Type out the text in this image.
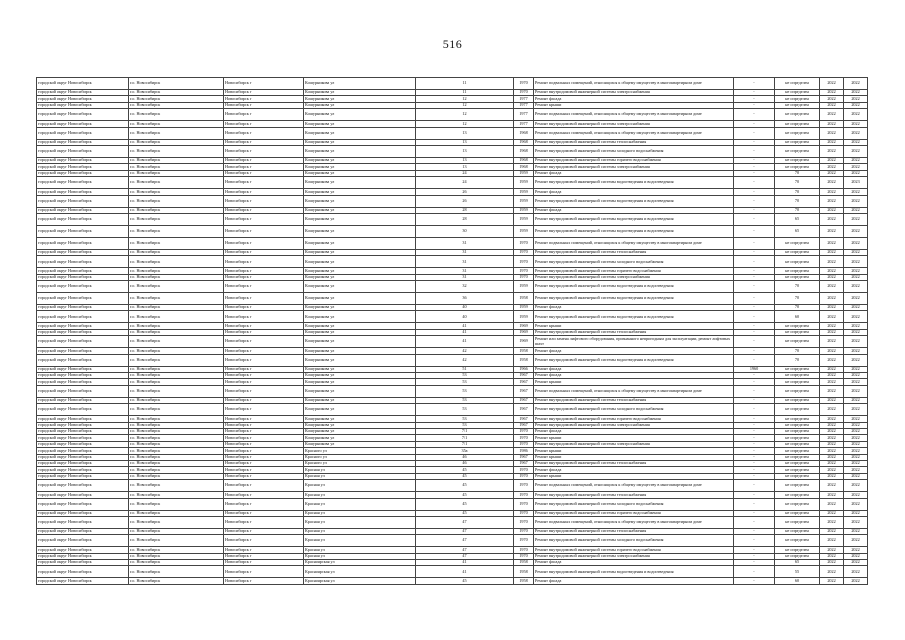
516
городской округ Новосибирск	г.о. Новосибирск	Новосибирск г	Кошурникова ул	11	1970	Ремонт подвальных помещений, относящихся к общему имуществу в многоквартирном доме	-	не определен	2022	2022
городской округ Новосибирск	г.о. Новосибирск	Новосибирск г	Кошурникова ул	11	1970	Ремонт внутридомовой инженерной системы электроснабжения	-	не определен	2022	2022
городской округ Новосибирск	г.о. Новосибирск	Новосибирск г	Кошурникова ул	12	1977	Ремонт фасада	-	не определен	2022	2022
городской округ Новосибирск	г.о. Новосибирск	Новосибирск г	Кошурникова ул	12	1977	Ремонт крыши	-	не определен	2022	2022
городской округ Новосибирск	г.о. Новосибирск	Новосибирск г	Кошурникова ул	12	1977	Ремонт подвальных помещений, относящихся к общему имуществу в многоквартирном доме	-	не определен	2022	2022
городской округ Новосибирск	г.о. Новосибирск	Новосибирск г	Кошурникова ул	12	1977	Ремонт внутридомовой инженерной системы электроснабжения	-	не определен	2022	2022
городской округ Новосибирск	г.о. Новосибирск	Новосибирск г	Кошурникова ул	13	1968	Ремонт подвальных помещений, относящихся к общему имуществу в многоквартирном доме	-	не определен	2022	2022
городской округ Новосибирск	г.о. Новосибирск	Новосибирск г	Кошурникова ул	13	1968	Ремонт внутридомовой инженерной системы теплоснабжения	-	не определен	2022	2022
городской округ Новосибирск	г.о. Новосибирск	Новосибирск г	Кошурникова ул	13	1968	Ремонт внутридомовой инженерной системы холодного водоснабжения	-	не определен	2022	2022
городской округ Новосибирск	г.о. Новосибирск	Новосибирск г	Кошурникова ул	13	1968	Ремонт внутридомовой инженерной системы горячего водоснабжения	-	не определен	2022	2022
городской округ Новосибирск	г.о. Новосибирск	Новосибирск г	Кошурникова ул	13	1968	Ремонт внутридомовой инженерной системы электроснабжения	-	не определен	2022	2022
городской округ Новосибирск	г.о. Новосибирск	Новосибирск г	Кошурникова ул	24	1959	Ремонт фасада	-	70	2022	2022
городской округ Новосибирск	г.о. Новосибирск	Новосибирск г	Кошурникова ул	24	1959	Ремонт внутридомовой инженерной системы водоотведения и водоотведения	-	70	2022	2023
городской округ Новосибирск	г.о. Новосибирск	Новосибирск г	Кошурникова ул	26	1959	Ремонт фасада	-	70	2022	2022
городской округ Новосибирск	г.о. Новосибирск	Новосибирск г	Кошурникова ул	26	1959	Ремонт внутридомовой инженерной системы водоотведения и водоотведения	-	70	2022	2022
городской округ Новосибирск	г.о. Новосибирск	Новосибирск г	Кошурникова ул	28	1959	Ремонт фасада	-	70	2022	2022
городской округ Новосибирск	г.о. Новосибирск	Новосибирск г	Кошурникова ул	28	1959	Ремонт внутридомовой инженерной системы водоотведения и водоотведения	-	65	2022	2022
городской округ Новосибирск	г.о. Новосибирск	Новосибирск г	Кошурникова ул	30	1959	Ремонт внутридомовой инженерной системы водоотведения и водоотведения	-	65	2022	2022
городской округ Новосибирск	г.о. Новосибирск	Новосибирск г	Кошурникова ул	31	1970	Ремонт подвальных помещений, относящихся к общему имуществу в многоквартирном доме	-	не определен	2022	2022
городской округ Новосибирск	г.о. Новосибирск	Новосибирск г	Кошурникова ул	31	1970	Ремонт внутридомовой инженерной системы теплоснабжения	-	не определен	2022	2022
городской округ Новосибирск	г.о. Новосибирск	Новосибирск г	Кошурникова ул	31	1970	Ремонт внутридомовой инженерной системы холодного водоснабжения	-	не определен	2022	2022
городской округ Новосибирск	г.о. Новосибирск	Новосибирск г	Кошурникова ул	31	1970	Ремонт внутридомовой инженерной системы горячего водоснабжения	-	не определен	2022	2022
городской округ Новосибирск	г.о. Новосибирск	Новосибирск г	Кошурникова ул	31	1970	Ремонт внутридомовой инженерной системы электроснабжения	-	не определен	2022	2022
городской округ Новосибирск	г.о. Новосибирск	Новосибирск г	Кошурникова ул	32	1959	Ремонт внутридомовой инженерной системы водоотведения и водоотведения	-	70	2022	2022
городской округ Новосибирск	г.о. Новосибирск	Новосибирск г	Кошурникова ул	36	1958	Ремонт внутридомовой инженерной системы водоотведения и водоотведения	-	70	2022	2022
городской округ Новосибирск	г.о. Новосибирск	Новосибирск г	Кошурникова ул	40	1959	Ремонт фасада	-	70	2022	2022
городской округ Новосибирск	г.о. Новосибирск	Новосибирск г	Кошурникова ул	40	1959	Ремонт внутридомовой инженерной системы водоотведения и водоотведения	-	60	2022	2022
городской округ Новосибирск	г.о. Новосибирск	Новосибирск г	Кошурникова ул	41	1969	Ремонт крыши	-	не определен	2022	2022
городской округ Новосибирск	г.о. Новосибирск	Новосибирск г	Кошурникова ул	41	1969	Ремонт внутридомовой инженерной системы теплоснабжения	-	не определен	2022	2022
городской округ Новосибирск	г.о. Новосибирск	Новосибирск г	Кошурникова ул	41	1969	Ремонт или замена лифтового оборудования, признанного непригодным для эксплуатации, ремонт лифтовых шахт	-	не определен	2022	2022
городской округ Новосибирск	г.о. Новосибирск	Новосибирск г	Кошурникова ул	42	1958	Ремонт фасада	-	70	2022	2022
городской округ Новосибирск	г.о. Новосибирск	Новосибирск г	Кошурникова ул	42	1958	Ремонт внутридомовой инженерной системы водоотведения и водоотведения	-	70	2022	2022
городской округ Новосибирск	г.о. Новосибирск	Новосибирск г	Кошурникова ул	51	1966	Ремонт фасада	1960	не определен	2022	2022
городской округ Новосибирск	г.о. Новосибирск	Новосибирск г	Кошурникова ул	53	1967	Ремонт фасада	-	не определен	2022	2022
городской округ Новосибирск	г.о. Новосибирск	Новосибирск г	Кошурникова ул	53	1967	Ремонт крыши	-	не определен	2022	2022
городской округ Новосибирск	г.о. Новосибирск	Новосибирск г	Кошурникова ул	53	1967	Ремонт подвальных помещений, относящихся к общему имуществу в многоквартирном доме	-	не определен	2022	2022
городской округ Новосибирск	г.о. Новосибирск	Новосибирск г	Кошурникова ул	53	1967	Ремонт внутридомовой инженерной системы теплоснабжения	-	не определен	2022	2022
городской округ Новосибирск	г.о. Новосибирск	Новосибирск г	Кошурникова ул	53	1967	Ремонт внутридомовой инженерной системы холодного водоснабжения	-	не определен	2022	2022
городской округ Новосибирск	г.о. Новосибирск	Новосибирск г	Кошурникова ул	53	1967	Ремонт внутридомовой инженерной системы горячего водоснабжения	-	не определен	2022	2022
городской округ Новосибирск	г.о. Новосибирск	Новосибирск г	Кошурникова ул	53	1967	Ремонт внутридомовой инженерной системы электроснабжения	-	не определен	2022	2022
городской округ Новосибирск	г.о. Новосибирск	Новосибирск г	Кошурникова ул	7/1	1970	Ремонт фасада	-	не определен	2022	2022
городской округ Новосибирск	г.о. Новосибирск	Новосибирск г	Кошурникова ул	7/1	1970	Ремонт крыши	-	не определен	2022	2022
городской округ Новосибирск	г.о. Новосибирск	Новосибирск г	Кошурникова ул	7/1	1970	Ремонт внутридомовой инженерной системы электроснабжения	-	не определен	2022	2022
городской округ Новосибирск	г.о. Новосибирск	Новосибирск г	Красного ул	35а	1986	Ремонт крыши	-	не определен	2022	2022
городской округ Новосибирск	г.о. Новосибирск	Новосибирск г	Красного ул	46	1967	Ремонт крыши	-	не определен	2022	2022
городской округ Новосибирск	г.о. Новосибирск	Новосибирск г	Красного ул	46	1967	Ремонт внутридомовой инженерной системы теплоснабжения	-	не определен	2022	2022
городской округ Новосибирск	г.о. Новосибирск	Новосибирск г	Красная ул	45	1970	Ремонт фасада	-	не определен	2022	2022
городской округ Новосибирск	г.о. Новосибирск	Новосибирск г	Красная ул	45	1970	Ремонт крыши	-	не определен	2022	2022
городской округ Новосибирск	г.о. Новосибирск	Новосибирск г	Красная ул	45	1970	Ремонт подвальных помещений, относящихся к общему имуществу в многоквартирном доме	-	не определен	2022	2022
городской округ Новосибирск	г.о. Новосибирск	Новосибирск г	Красная ул	45	1970	Ремонт внутридомовой инженерной системы теплоснабжения	-	не определен	2022	2022
городской округ Новосибирск	г.о. Новосибирск	Новосибирск г	Красная ул	45	1970	Ремонт внутридомовой инженерной системы холодного водоснабжения	-	не определен	2022	2022
городской округ Новосибирск	г.о. Новосибирск	Новосибирск г	Красная ул	45	1970	Ремонт внутридомовой инженерной системы горячего водоснабжения	-	не определен	2022	2022
городской округ Новосибирск	г.о. Новосибирск	Новосибирск г	Красная ул	47	1970	Ремонт подвальных помещений, относящихся к общему имуществу в многоквартирном доме	-	не определен	2022	2022
городской округ Новосибирск	г.о. Новосибирск	Новосибирск г	Красная ул	47	1970	Ремонт внутридомовой инженерной системы теплоснабжения	-	не определен	2022	2022
городской округ Новосибирск	г.о. Новосибирск	Новосибирск г	Красная ул	47	1970	Ремонт внутридомовой инженерной системы холодного водоснабжения	-	не определен	2022	2022
городской округ Новосибирск	г.о. Новосибирск	Новосибирск г	Красная ул	47	1970	Ремонт внутридомовой инженерной системы горячего водоснабжения	-	не определен	2022	2022
городской округ Новосибирск	г.о. Новосибирск	Новосибирск г	Красная ул	47	1970	Ремонт внутридомовой инженерной системы электроснабжения	-	не определен	2022	2022
городской округ Новосибирск	г.о. Новосибирск	Новосибирск г	Красноярская ул	41	1958	Ремонт фасада	-	65	2022	2022
городской округ Новосибирск	г.о. Новосибирск	Новосибирск г	Красноярская ул	41	1958	Ремонт внутридомовой инженерной системы водоотведения и водоотведения	-	55	2022	2022
городской округ Новосибирск	г.о. Новосибирск	Новосибирск г	Красноярская ул	45	1958	Ремонт фасада	-	60	2022	2022
